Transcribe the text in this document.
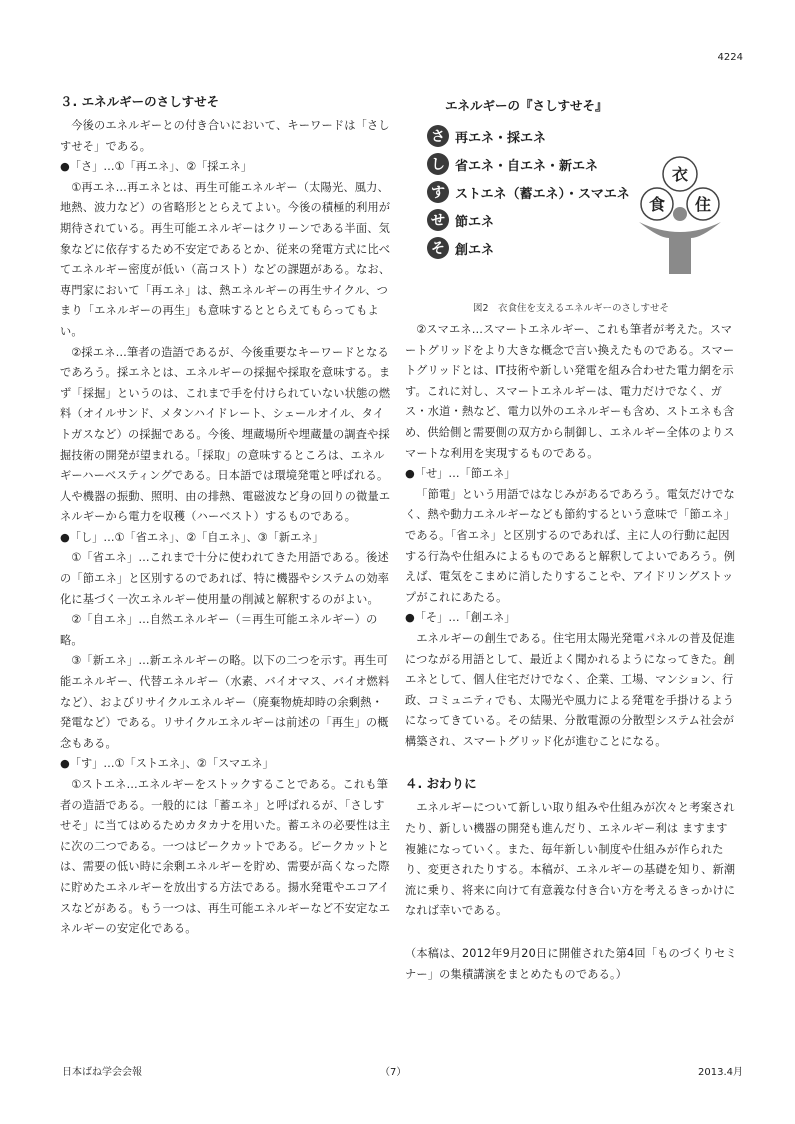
4224
３. エネルギーのさしすせそ

今後のエネルギーとの付き合いにおいて、キーワードは「さしすせそ」である。

●「さ」…①「再エネ」、②「採エネ」

①再エネ…再エネとは、再生可能エネルギー（太陽光、風力、地熱、波力など）の省略形ととらえてよい。今後の積極的利用が期待されている。再生可能エネルギーはクリーンである半面、気象などに依存するため不安定であるとか、従来の発電方式に比べてエネルギー密度が低い（高コスト）などの課題がある。なお、専門家において「再エネ」は、熱エネルギーの再生サイクル、つまり「エネルギーの再生」も意味するととらえてもらってもよい。

②採エネ…筆者の造語であるが、今後重要なキーワードとなるであろう。採エネとは、エネルギーの採掘や採取を意味する。まず「採掘」というのは、これまで手を付けられていない状態の燃料（オイルサンド、メタンハイドレート、シェールオイル、タイトガスなど）の採掘である。今後、埋蔵場所や埋蔵量の調査や採掘技術の開発が望まれる。「採取」の意味するところは、エネルギーハーベスティングである。日本語では環境発電と呼ばれる。人や機器の振動、照明、由の排熱、電磁波など身の回りの微量エネルギーから電力を収穫（ハーベスト）するものである。

●「し」…①「省エネ」、②「自エネ」、③「新エネ」

①「省エネ」…これまで十分に使われてきた用語である。後述の「節エネ」と区別するのであれば、特に機器やシステムの効率化に基づく一次エネルギー使用量の削減と解釈するのがよい。

②「自エネ」…自然エネルギー（＝再生可能エネルギー）の略。

③「新エネ」…新エネルギーの略。以下の二つを示す。再生可能エネルギー、代替エネルギー（水素、バイオマス、バイオ燃料など）、およびリサイクルエネルギー（廃棄物焼却時の余剰熱・発電など）である。リサイクルエネルギーは前述の「再生」の概念もある。

●「す」…①「ストエネ」、②「スマエネ」

①ストエネ…エネルギーをストックすることである。これも筆者の造語である。一般的には「蓄エネ」と呼ばれるが、「さしすせそ」に当てはめるためカタカナを用いた。蓄エネの必要性は主に次の二つである。一つはピークカットである。ピークカットとは、需要の低い時に余剰エネルギーを貯め、需要が高くなった際に貯めたエネルギーを放出する方法である。揚水発電やエコアイスなどがある。もう一つは、再生可能エネルギーなど不安定なエネルギーの安定化である。

エネルギーの『さしすせそ』
さ 再エネ・採エネ
し 省エネ・自エネ・新エネ
す ストエネ（蓄エネ）・スマエネ
せ 節エネ
そ 創エネ
衣
食 住
図2　衣食住を支えるエネルギーのさしすせそ

②スマエネ…スマートエネルギー、これも筆者が考えた。スマートグリッドをより大きな概念で言い換えたものである。スマートグリッドとは、IT技術や新しい発電を組み合わせた電力網を示す。これに対し、スマートエネルギーは、電力だけでなく、ガス・水道・熱など、電力以外のエネルギーも含め、ストエネも含め、供給側と需要側の双方から制御し、エネルギー全体のよりスマートな利用を実現するものである。

●「せ」…「節エネ」

「節電」という用語ではなじみがあるであろう。電気だけでなく、熱や動力エネルギーなども節約するという意味で「節エネ」である。「省エネ」と区別するのであれば、主に人の行動に起因する行為や仕組みによるものであると解釈してよいであろう。例えば、電気をこまめに消したりすることや、アイドリングストップがこれにあたる。

●「そ」…「創エネ」

エネルギーの創生である。住宅用太陽光発電パネルの普及促進につながる用語として、最近よく聞かれるようになってきた。創エネとして、個人住宅だけでなく、企業、工場、マンション、行政、コミュニティでも、太陽光や風力による発電を手掛けるようになってきている。その結果、分散電源の分散型システム社会が構築され、スマートグリッド化が進むことになる。

４. おわりに

エネルギーについて新しい取り組みや仕組みが次々と考案されたり、新しい機器の開発も進んだり、エネルギー利は ますます複雑になっていく。また、毎年新しい制度や仕組みが作られたり、変更されたりする。本稿が、エネルギーの基礎を知り、新潮流に乗り、将来に向けて有意義な付き合い方を考えるきっかけになれば幸いである。

（本稿は、2012年9月20日に開催された第4回「ものづくりセミナー」の集積講演をまとめたものである。）

日本ばね学会会報	（7）	2013.4月
